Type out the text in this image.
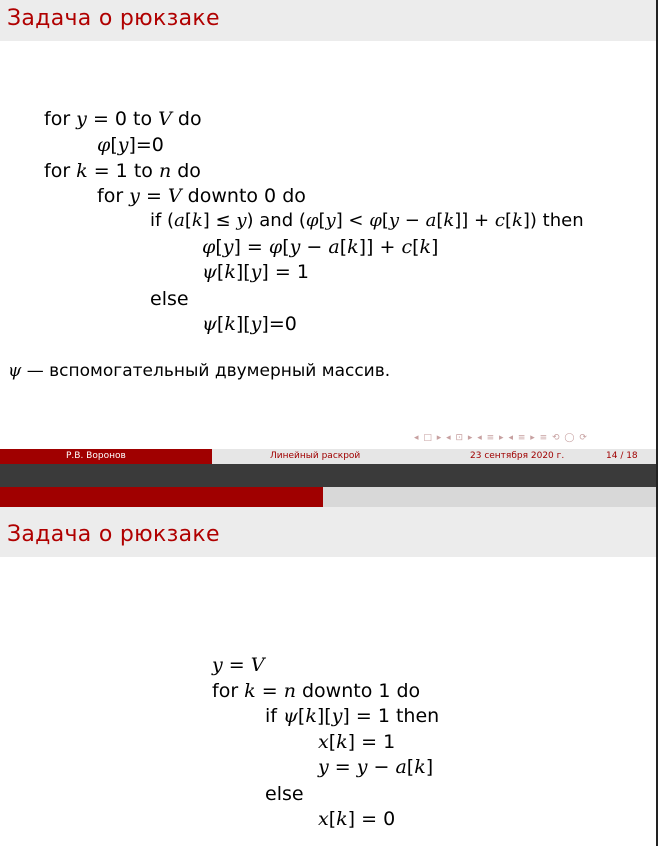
Задача о рюкзаке
for y = 0 to V do
φ[y]=0
for k = 1 to n do
for y = V downto 0 do
if (a[k] ≤ y) and (φ[y] < φ[y − a[k]] + c[k]) then
φ[y] = φ[y − a[k]] + c[k]
ψ[k][y] = 1
else
ψ[k][y]=0
ψ — вспомогательный двумерный массив.
◂ □ ▸ ◂ ⊡ ▸ ◂ ≡ ▸ ◂ ≡ ▸ ≡ ⟲ ◯ ⟳
Р.В. Воронов	Линейный раскрой	23 сентября 2020 г.	14 / 18
Задача о рюкзаке
y = V
for k = n downto 1 do
if ψ[k][y] = 1 then
x[k] = 1
y = y − a[k]
else
x[k] = 0
